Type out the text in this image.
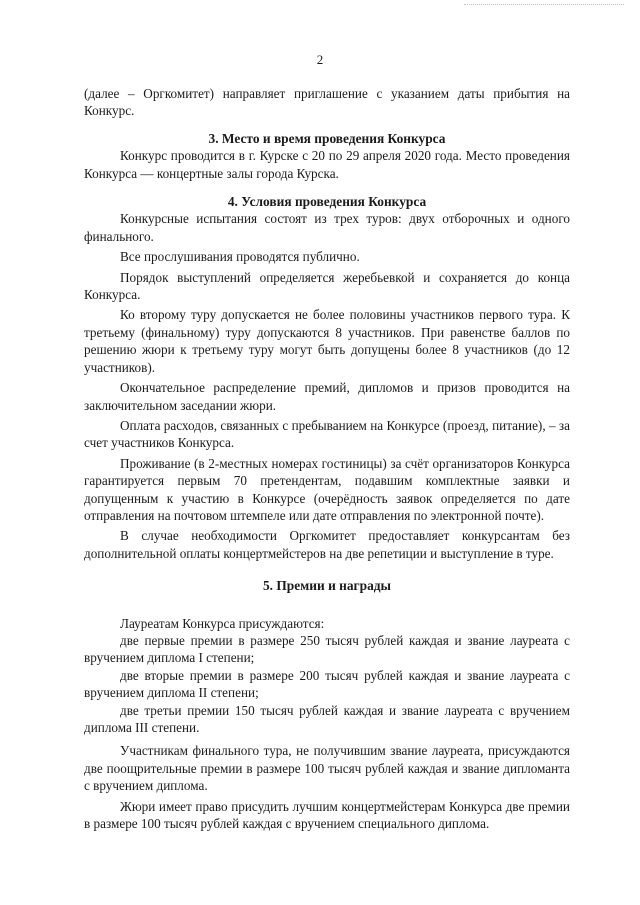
2

(далее – Оргкомитет) направляет приглашение с указанием даты прибытия на Конкурс.

3. Место и время проведения Конкурса

Конкурс проводится в г. Курске с 20 по 29 апреля 2020 года. Место проведения Конкурса — концертные залы города Курска.

4. Условия проведения Конкурса

Конкурсные испытания состоят из трех туров: двух отборочных и одного финального.

Все прослушивания проводятся публично.

Порядок выступлений определяется жеребьевкой и сохраняется до конца Конкурса.

Ко второму туру допускается не более половины участников первого тура. К третьему (финальному) туру допускаются 8 участников. При равенстве баллов по решению жюри к третьему туру могут быть допущены более 8 участников (до 12 участников).

Окончательное распределение премий, дипломов и призов проводится на заключительном заседании жюри.

Оплата расходов, связанных с пребыванием на Конкурсе (проезд, питание), – за счет участников Конкурса.

Проживание (в 2-местных номерах гостиницы) за счёт организаторов Конкурса гарантируется первым 70 претендентам, подавшим комплектные заявки и допущенным к участию в Конкурсе (очерёдность заявок определяется по дате отправления на почтовом штемпеле или дате отправления по электронной почте).

В случае необходимости Оргкомитет предоставляет конкурсантам без дополнительной оплаты концертмейстеров на две репетиции и выступление в туре.

5. Премии и награды

Лауреатам Конкурса присуждаются:

две первые премии в размере 250 тысяч рублей каждая и звание лауреата с вручением диплома I степени;

две вторые премии в размере 200 тысяч рублей каждая и звание лауреата с вручением диплома II степени;

две третьи премии 150 тысяч рублей каждая и звание лауреата с вручением диплома III степени.

Участникам финального тура, не получившим звание лауреата, присуждаются две поощрительные премии в размере 100 тысяч рублей каждая и звание дипломанта с вручением диплома.

Жюри имеет право присудить лучшим концертмейстерам Конкурса две премии в размере 100 тысяч рублей каждая с вручением специального диплома.
